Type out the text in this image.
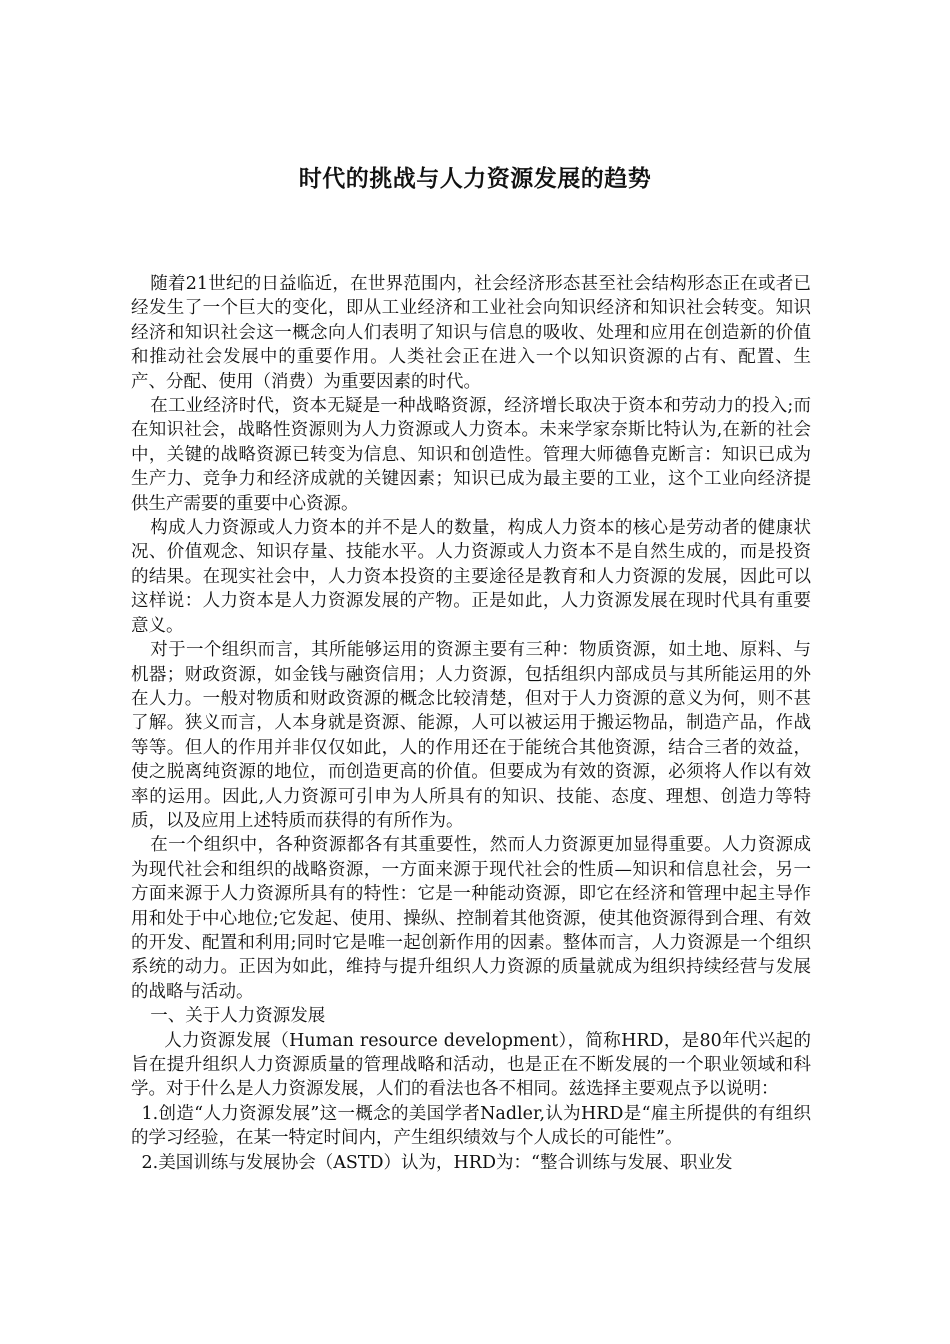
时代的挑战与人力资源发展的趋势

随着21世纪的日益临近，在世界范围内，社会经济形态甚至社会结构形态正在或者已经发生了一个巨大的变化，即从工业经济和工业社会向知识经济和知识社会转变。知识经济和知识社会这一概念向人们表明了知识与信息的吸收、处理和应用在创造新的价值和推动社会发展中的重要作用。人类社会正在进入一个以知识资源的占有、配置、生产、分配、使用（消费）为重要因素的时代。

在工业经济时代，资本无疑是一种战略资源，经济增长取决于资本和劳动力的投入;而在知识社会，战略性资源则为人力资源或人力资本。未来学家奈斯比特认为,在新的社会中，关键的战略资源已转变为信息、知识和创造性。管理大师德鲁克断言：知识已成为生产力、竞争力和经济成就的关键因素；知识已成为最主要的工业，这个工业向经济提供生产需要的重要中心资源。

构成人力资源或人力资本的并不是人的数量，构成人力资本的核心是劳动者的健康状况、价值观念、知识存量、技能水平。人力资源或人力资本不是自然生成的，而是投资的结果。在现实社会中，人力资本投资的主要途径是教育和人力资源的发展，因此可以这样说：人力资本是人力资源发展的产物。正是如此，人力资源发展在现时代具有重要意义。

对于一个组织而言，其所能够运用的资源主要有三种：物质资源，如土地、原料、与机器；财政资源，如金钱与融资信用；人力资源，包括组织内部成员与其所能运用的外在人力。一般对物质和财政资源的概念比较清楚，但对于人力资源的意义为何，则不甚了解。狭义而言，人本身就是资源、能源，人可以被运用于搬运物品，制造产品，作战等等。但人的作用并非仅仅如此，人的作用还在于能统合其他资源，结合三者的效益，使之脱离纯资源的地位，而创造更高的价值。但要成为有效的资源，必须将人作以有效率的运用。因此,人力资源可引申为人所具有的知识、技能、态度、理想、创造力等特质，以及应用上述特质而获得的有所作为。

在一个组织中，各种资源都各有其重要性，然而人力资源更加显得重要。人力资源成为现代社会和组织的战略资源，一方面来源于现代社会的性质—知识和信息社会，另一方面来源于人力资源所具有的特性：它是一种能动资源，即它在经济和管理中起主导作用和处于中心地位;它发起、使用、操纵、控制着其他资源，使其他资源得到合理、有效的开发、配置和利用;同时它是唯一起创新作用的因素。整体而言，人力资源是一个组织系统的动力。正因为如此，维持与提升组织人力资源的质量就成为组织持续经营与发展的战略与活动。

一、关于人力资源发展

人力资源发展（Human resource development），简称HRD，是80年代兴起的旨在提升组织人力资源质量的管理战略和活动，也是正在不断发展的一个职业领域和科学。对于什么是人力资源发展，人们的看法也各不相同。兹选择主要观点予以说明：

1.创造“人力资源发展”这一概念的美国学者Nadler,认为HRD是“雇主所提供的有组织的学习经验，在某一特定时间内，产生组织绩效与个人成长的可能性”。

2.美国训练与发展协会（ASTD）认为，HRD为：“整合训练与发展、职业发
